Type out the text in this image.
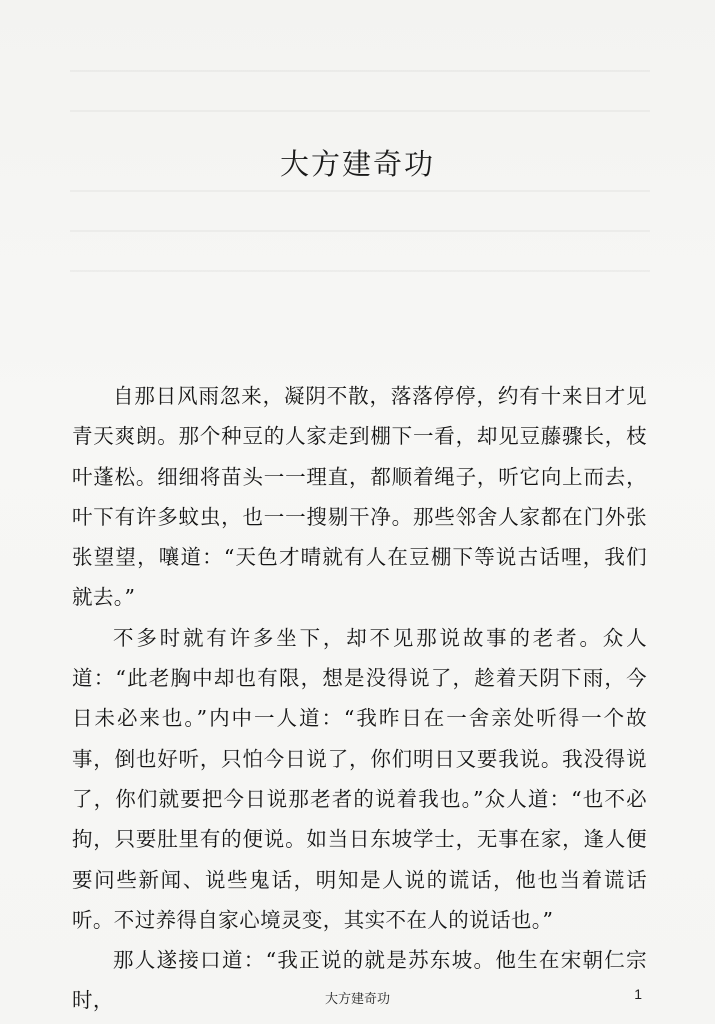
大方建奇功

自那日风雨忽来，凝阴不散，落落停停，约有十来日才见青天爽朗。那个种豆的人家走到棚下一看，却见豆藤骤长，枝叶蓬松。细细将苗头一一理直，都顺着绳子，听它向上而去，叶下有许多蚊虫，也一一搜剔干净。那些邻舍人家都在门外张张望望，嚷道：“天色才晴就有人在豆棚下等说古话哩，我们就去。”

不多时就有许多坐下，却不见那说故事的老者。众人道：“此老胸中却也有限，想是没得说了，趁着天阴下雨，今日未必来也。”内中一人道：“我昨日在一舍亲处听得一个故事，倒也好听，只怕今日说了，你们明日又要我说。我没得说了，你们就要把今日说那老者的说着我也。”众人道：“也不必拘，只要肚里有的便说。如当日东坡学士，无事在家，逢人便要问些新闻、说些鬼话，明知是人说的谎话，他也当着谎话听。不过养得自家心境灵变，其实不在人的说话也。”

那人遂接口道：“我正说的就是苏东坡。他生在宋朝仁宗时，	大方建奇功	1
